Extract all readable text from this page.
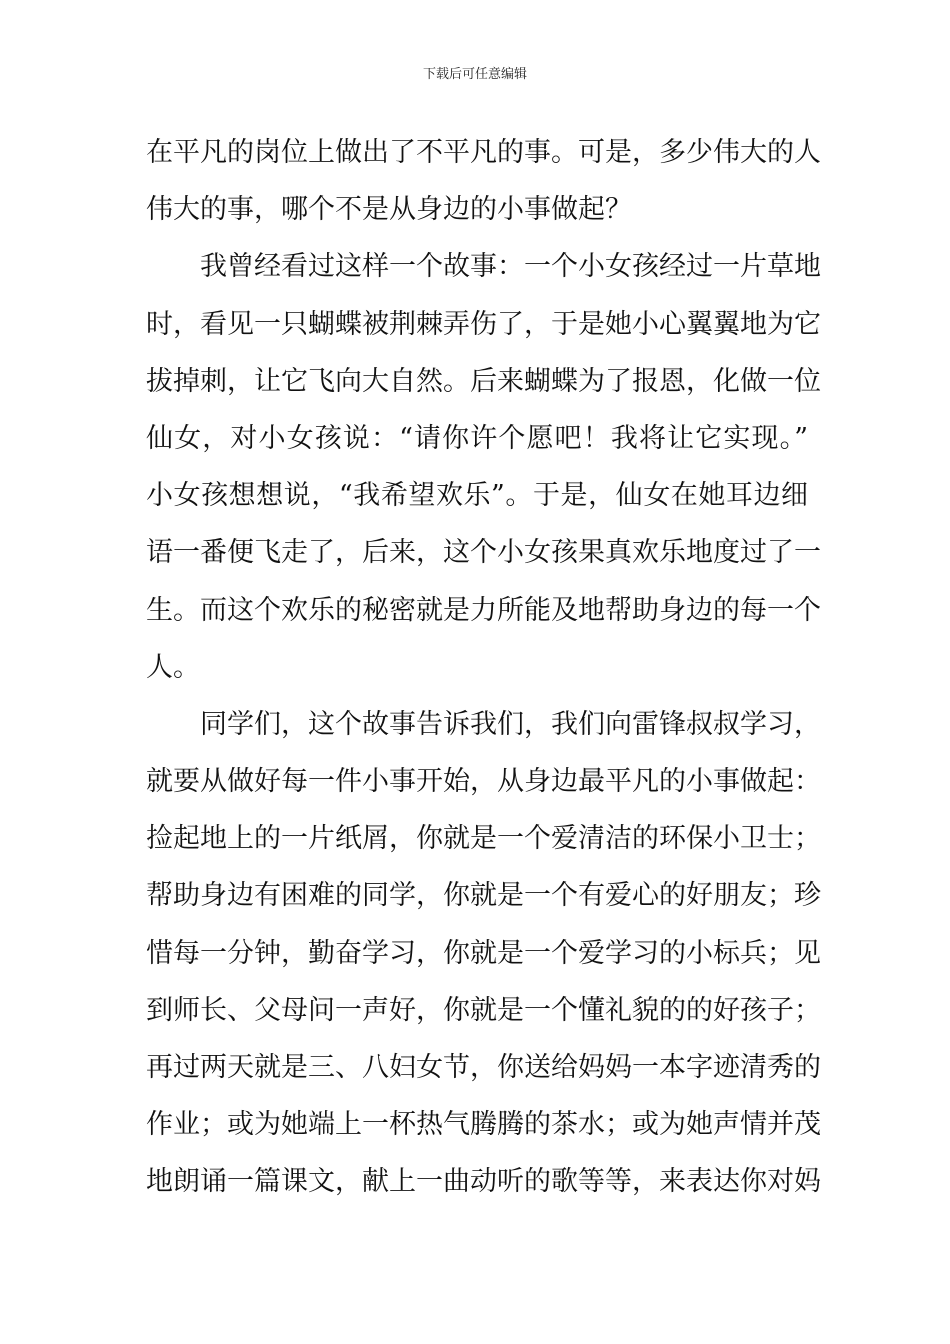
下载后可任意编辑
在平凡的岗位上做出了不平凡的事。可是，多少伟大的人
伟大的事，哪个不是从身边的小事做起？
我曾经看过这样一个故事：一个小女孩经过一片草地
时，看见一只蝴蝶被荆棘弄伤了，于是她小心翼翼地为它
拔掉刺，让它飞向大自然。后来蝴蝶为了报恩，化做一位
仙女，对小女孩说：“请你许个愿吧！我将让它实现。”
小女孩想想说，“我希望欢乐”。于是，仙女在她耳边细
语一番便飞走了，后来，这个小女孩果真欢乐地度过了一
生。而这个欢乐的秘密就是力所能及地帮助身边的每一个
人。
同学们，这个故事告诉我们，我们向雷锋叔叔学习，
就要从做好每一件小事开始，从身边最平凡的小事做起：
捡起地上的一片纸屑，你就是一个爱清洁的环保小卫士；
帮助身边有困难的同学，你就是一个有爱心的好朋友；珍
惜每一分钟，勤奋学习，你就是一个爱学习的小标兵；见
到师长、父母问一声好，你就是一个懂礼貌的的好孩子；
再过两天就是三、八妇女节，你送给妈妈一本字迹清秀的
作业；或为她端上一杯热气腾腾的茶水；或为她声情并茂
地朗诵一篇课文，献上一曲动听的歌等等，来表达你对妈
